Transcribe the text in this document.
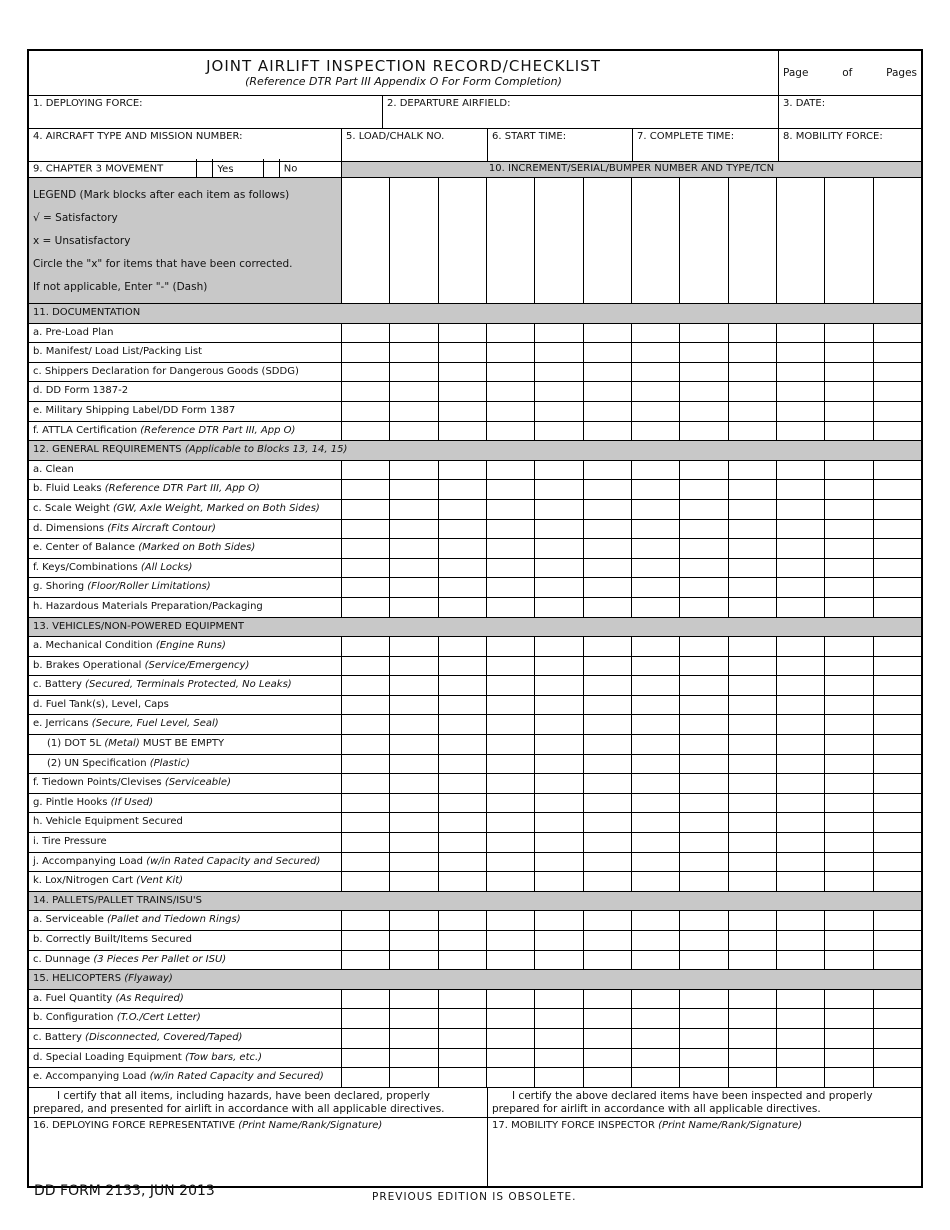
JOINT AIRLIFT INSPECTION RECORD/CHECKLIST
(Reference DTR Part III Appendix O For Form Completion)
Page	of	Pages
1. DEPLOYING FORCE:	2. DEPARTURE AIRFIELD:	3. DATE:
4. AIRCRAFT TYPE AND MISSION NUMBER:	5. LOAD/CHALK NO.	6. START TIME:	7. COMPLETE TIME:	8. MOBILITY FORCE:
9. CHAPTER 3 MOVEMENT	Yes	No	10. INCREMENT/SERIAL/BUMPER NUMBER AND TYPE/TCN
LEGEND (Mark blocks after each item as follows)
√ = Satisfactory
x = Unsatisfactory
Circle the "x" for items that have been corrected.
If not applicable, Enter "-" (Dash)
11. DOCUMENTATION
a. Pre-Load Plan
b. Manifest/ Load List/Packing List
c. Shippers Declaration for Dangerous Goods (SDDG)
d. DD Form 1387-2
e. Military Shipping Label/DD Form 1387
f. ATTLA Certification (Reference DTR Part III, App O)
12. GENERAL REQUIREMENTS (Applicable to Blocks 13, 14, 15)
a. Clean
b. Fluid Leaks (Reference DTR Part III, App O)
c. Scale Weight (GW, Axle Weight, Marked on Both Sides)
d. Dimensions (Fits Aircraft Contour)
e. Center of Balance (Marked on Both Sides)
f. Keys/Combinations (All Locks)
g. Shoring (Floor/Roller Limitations)
h. Hazardous Materials Preparation/Packaging
13. VEHICLES/NON-POWERED EQUIPMENT
a. Mechanical Condition (Engine Runs)
b. Brakes Operational (Service/Emergency)
c. Battery (Secured, Terminals Protected, No Leaks)
d. Fuel Tank(s), Level, Caps
e. Jerricans (Secure, Fuel Level, Seal)
(1) DOT 5L (Metal) MUST BE EMPTY
(2) UN Specification (Plastic)
f. Tiedown Points/Clevises (Serviceable)
g. Pintle Hooks (If Used)
h. Vehicle Equipment Secured
i. Tire Pressure
j. Accompanying Load (w/in Rated Capacity and Secured)
k. Lox/Nitrogen Cart (Vent Kit)
14. PALLETS/PALLET TRAINS/ISU'S
a. Serviceable (Pallet and Tiedown Rings)
b. Correctly Built/Items Secured
c. Dunnage (3 Pieces Per Pallet or ISU)
15. HELICOPTERS (Flyaway)
a. Fuel Quantity (As Required)
b. Configuration (T.O./Cert Letter)
c. Battery (Disconnected, Covered/Taped)
d. Special Loading Equipment (Tow bars, etc.)
e. Accompanying Load (w/in Rated Capacity and Secured)
I certify that all items, including hazards, have been declared, properly prepared, and presented for airlift in accordance with all applicable directives.
I certify the above declared items have been inspected and properly prepared for airlift in accordance with all applicable directives.
16. DEPLOYING FORCE REPRESENTATIVE (Print Name/Rank/Signature)	17. MOBILITY FORCE INSPECTOR (Print Name/Rank/Signature)
DD FORM 2133, JUN 2013	PREVIOUS EDITION IS OBSOLETE.
